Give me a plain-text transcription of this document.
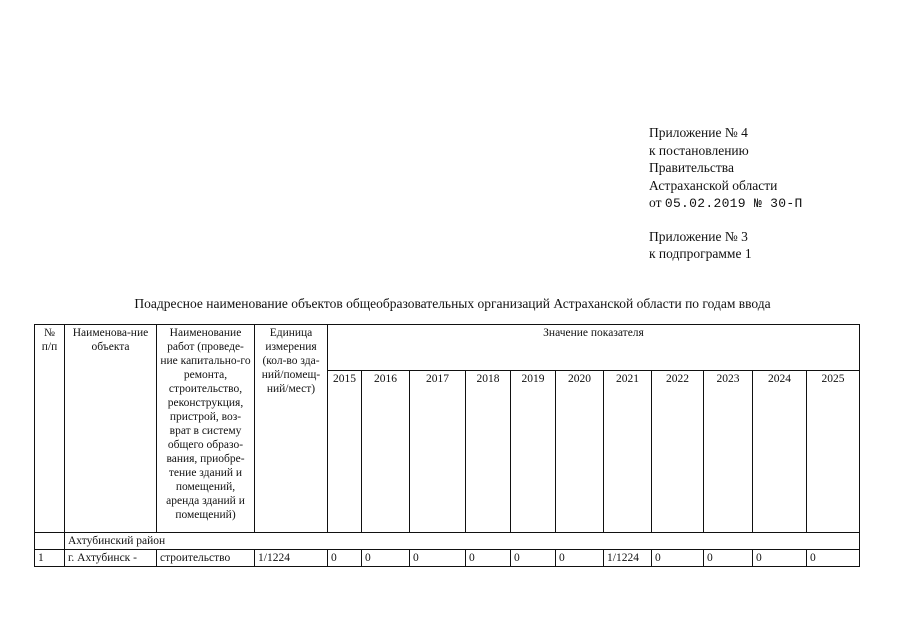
Приложение № 4
к постановлению
Правительства
Астраханской области
от 05.02.2019 № 30-П
Приложение № 3
к подпрограмме 1
Поадресное наименование объектов общеобразовательных организаций Астраханской области по годам ввода
№ п/п	Наименова-ние объекта	Наименование работ (проведе-ние капитально-го ремонта, строительство, реконструкция, пристрой, воз-врат в систему общего образо-вания, приобре-тение зданий и помещений, аренда зданий и помещений)	Единица измерения (кол-во зда-ний/помещ-ний/мест)	Значение показателя										
				2015	2016	2017	2018	2019	2020	2021	2022	2023	2024	2025
	Ахтубинский район													
1	г. Ахтубинск -	строительство	1/1224	0	0	0	0	0	0	1/1224	0	0	0	0
